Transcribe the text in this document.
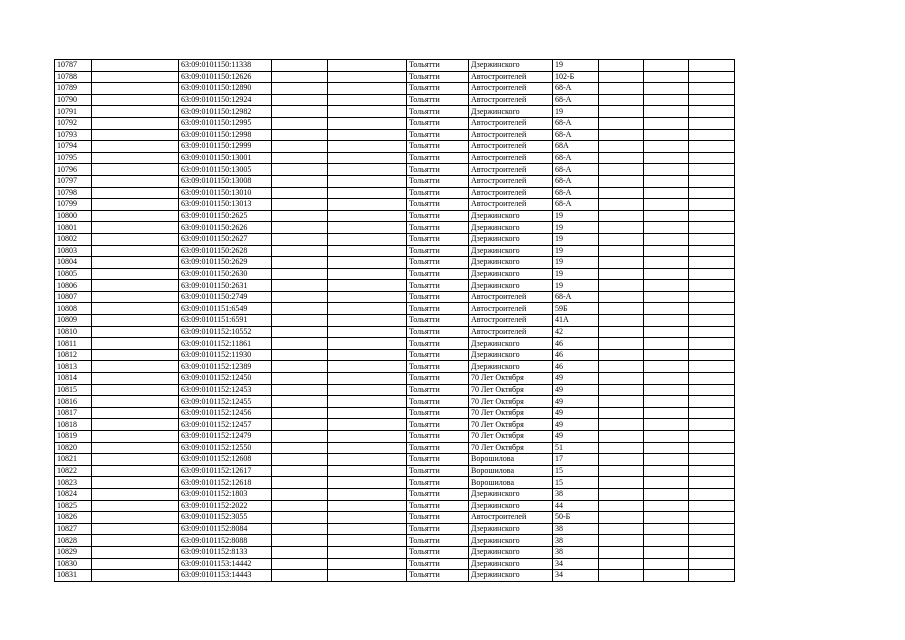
10787		63:09:0101150:11338			Тольятти	Дзержинского	19			
10788		63:09:0101150:12626			Тольятти	Автостроителей	102-Б			
10789		63:09:0101150:12890			Тольятти	Автостроителей	68-А			
10790		63:09:0101150:12924			Тольятти	Автостроителей	68-А			
10791		63:09:0101150:12982			Тольятти	Дзержинского	19			
10792		63:09:0101150:12995			Тольятти	Автостроителей	68-А			
10793		63:09:0101150:12998			Тольятти	Автостроителей	68-А			
10794		63:09:0101150:12999			Тольятти	Автостроителей	68А			
10795		63:09:0101150:13001			Тольятти	Автостроителей	68-А			
10796		63:09:0101150:13005			Тольятти	Автостроителей	68-А			
10797		63:09:0101150:13008			Тольятти	Автостроителей	68-А			
10798		63:09:0101150:13010			Тольятти	Автостроителей	68-А			
10799		63:09:0101150:13013			Тольятти	Автостроителей	68-А			
10800		63:09:0101150:2625			Тольятти	Дзержинского	19			
10801		63:09:0101150:2626			Тольятти	Дзержинского	19			
10802		63:09:0101150:2627			Тольятти	Дзержинского	19			
10803		63:09:0101150:2628			Тольятти	Дзержинского	19			
10804		63:09:0101150:2629			Тольятти	Дзержинского	19			
10805		63:09:0101150:2630			Тольятти	Дзержинского	19			
10806		63:09:0101150:2631			Тольятти	Дзержинского	19			
10807		63:09:0101150:2749			Тольятти	Автостроителей	68-А			
10808		63:09:0101151:6549			Тольятти	Автостроителей	59Б			
10809		63:09:0101151:6591			Тольятти	Автостроителей	41А			
10810		63:09:0101152:10552			Тольятти	Автостроителей	42			
10811		63:09:0101152:11861			Тольятти	Дзержинского	46			
10812		63:09:0101152:11930			Тольятти	Дзержинского	46			
10813		63:09:0101152:12389			Тольятти	Дзержинского	46			
10814		63:09:0101152:12450			Тольятти	70 Лет Октября	49			
10815		63:09:0101152:12453			Тольятти	70 Лет Октября	49			
10816		63:09:0101152:12455			Тольятти	70 Лет Октября	49			
10817		63:09:0101152:12456			Тольятти	70 Лет Октября	49			
10818		63:09:0101152:12457			Тольятти	70 Лет Октября	49			
10819		63:09:0101152:12479			Тольятти	70 Лет Октября	49			
10820		63:09:0101152:12550			Тольятти	70 Лет Октября	51			
10821		63:09:0101152:12608			Тольятти	Ворошилова	17			
10822		63:09:0101152:12617			Тольятти	Ворошилова	15			
10823		63:09:0101152:12618			Тольятти	Ворошилова	15			
10824		63:09:0101152:1803			Тольятти	Дзержинского	38			
10825		63:09:0101152:2022			Тольятти	Дзержинского	44			
10826		63:09:0101152:3055			Тольятти	Автостроителей	50-Б			
10827		63:09:0101152:8084			Тольятти	Дзержинского	38			
10828		63:09:0101152:8088			Тольятти	Дзержинского	38			
10829		63:09:0101152:8133			Тольятти	Дзержинского	38			
10830		63:09:0101153:14442			Тольятти	Дзержинского	34			
10831		63:09:0101153:14443			Тольятти	Дзержинского	34			
